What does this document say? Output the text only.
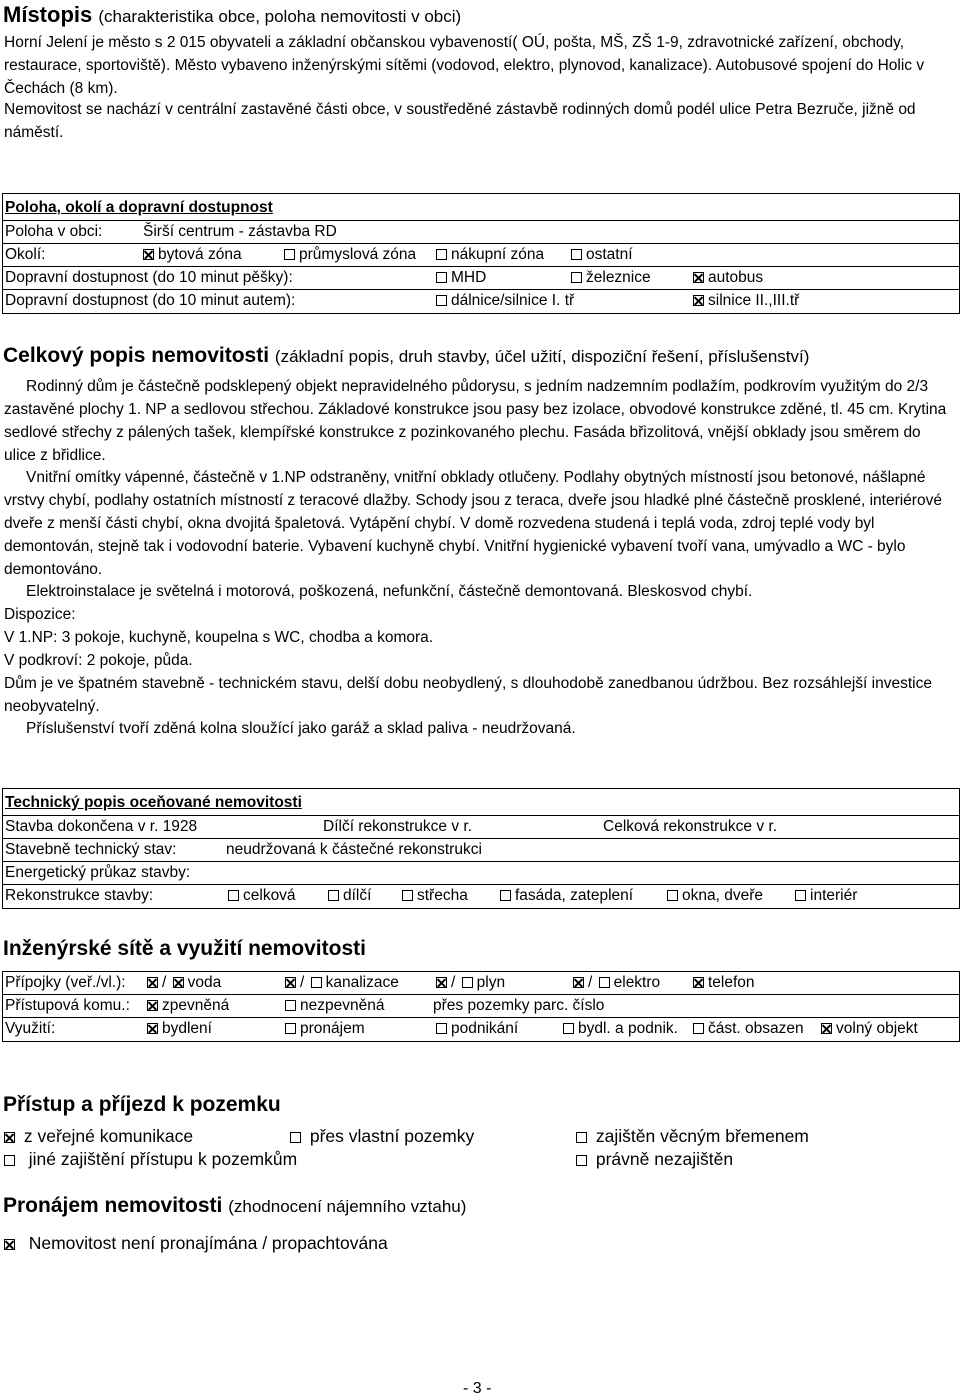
Místopis (charakteristika obce, poloha nemovitosti v obci)
Horní Jelení je město s 2 015 obyvateli a základní občanskou vybaveností( OÚ, pošta, MŠ, ZŠ 1-9, zdravotnické zařízení, obchody, restaurace, sportoviště). Město vybaveno inženýrskými sítěmi (vodovod, elektro, plynovod, kanalizace). Autobusové spojení do Holic v Čechách (8 km).
Nemovitost se nachází v centrální zastavěné části obce, v soustředěné zástavbě rodinných domů podél ulice Petra Bezruče, jižně od náměstí.
Poloha, okolí a dopravní dostupnost
Poloha v obci:	Širší centrum - zástavba RD
Okolí:	bytová zóna	průmyslová zóna	nákupní zóna	ostatní
Dopravní dostupnost (do 10 minut pěšky):	MHD	železnice	autobus
Dopravní dostupnost (do 10 minut autem):	dálnice/silnice I. tř	silnice II.,III.tř
Celkový popis nemovitosti (základní popis, druh stavby, účel užití, dispoziční řešení, příslušenství)
Rodinný dům je částečně podsklepený objekt nepravidelného půdorysu, s jedním nadzemním podlažím, podkrovím využitým do 2/3 zastavěné plochy 1. NP a sedlovou střechou. Základové konstrukce jsou pasy bez izolace, obvodové konstrukce zděné, tl. 45 cm. Krytina sedlové střechy z pálených tašek, klempířské konstrukce z pozinkovaného plechu. Fasáda břizolitová, vnější obklady jsou směrem do ulice z břidlice.
Vnitřní omítky vápenné, částečně v 1.NP odstraněny, vnitřní obklady otlučeny. Podlahy obytných místností jsou betonové, nášlapné vrstvy chybí, podlahy ostatních místností z teracové dlažby. Schody jsou z teraca, dveře jsou hladké plné částečně prosklené, interiérové dveře z menší části chybí, okna dvojitá špaletová. Vytápění chybí. V domě rozvedena studená i teplá voda, zdroj teplé vody byl demontován, stejně tak i vodovodní baterie. Vybavení kuchyně chybí. Vnitřní hygienické vybavení tvoří vana, umývadlo a WC - bylo demontováno.
Elektroinstalace je světelná i motorová, poškozená, nefunkční, částečně demontovaná. Bleskosvod chybí.
Dispozice:
V 1.NP: 3 pokoje, kuchyně, koupelna s WC, chodba a komora.
V podkroví: 2 pokoje, půda.
Dům je ve špatném stavebně - technickém stavu, delší dobu neobydlený, s dlouhodobě zanedbanou údržbou. Bez rozsáhlejší investice neobyvatelný.
Příslušenství tvoří zděná kolna sloužící jako garáž a sklad paliva - neudržovaná.
Technický popis oceňované nemovitosti
Stavba dokončena v r. 1928	Dílčí rekonstrukce v r.	Celková rekonstrukce v r.
Stavebně technický stav:	neudržovaná k částečné rekonstrukci
Energetický průkaz stavby:
Rekonstrukce stavby:	celková	dílčí	střecha	fasáda, zateplení	okna, dveře	interiér
Inženýrské sítě a využití nemovitosti
Přípojky (veř./vl.):	/ voda	/ kanalizace	/ plyn	/ elektro	telefon
Přístupová komu.:	zpevněná	nezpevněná	přes pozemky parc. číslo
Využití:	bydlení	pronájem	podnikání	bydl. a podnik.	část. obsazen	volný objekt
Přístup a příjezd k pozemku
z veřejné komunikace	přes vlastní pozemky	zajištěn věcným břemenem
jiné zajištění přístupu k pozemkům	právně nezajištěn
Pronájem nemovitosti (zhodnocení nájemního vztahu)
Nemovitost není pronajímána / propachtována
- 3 -
